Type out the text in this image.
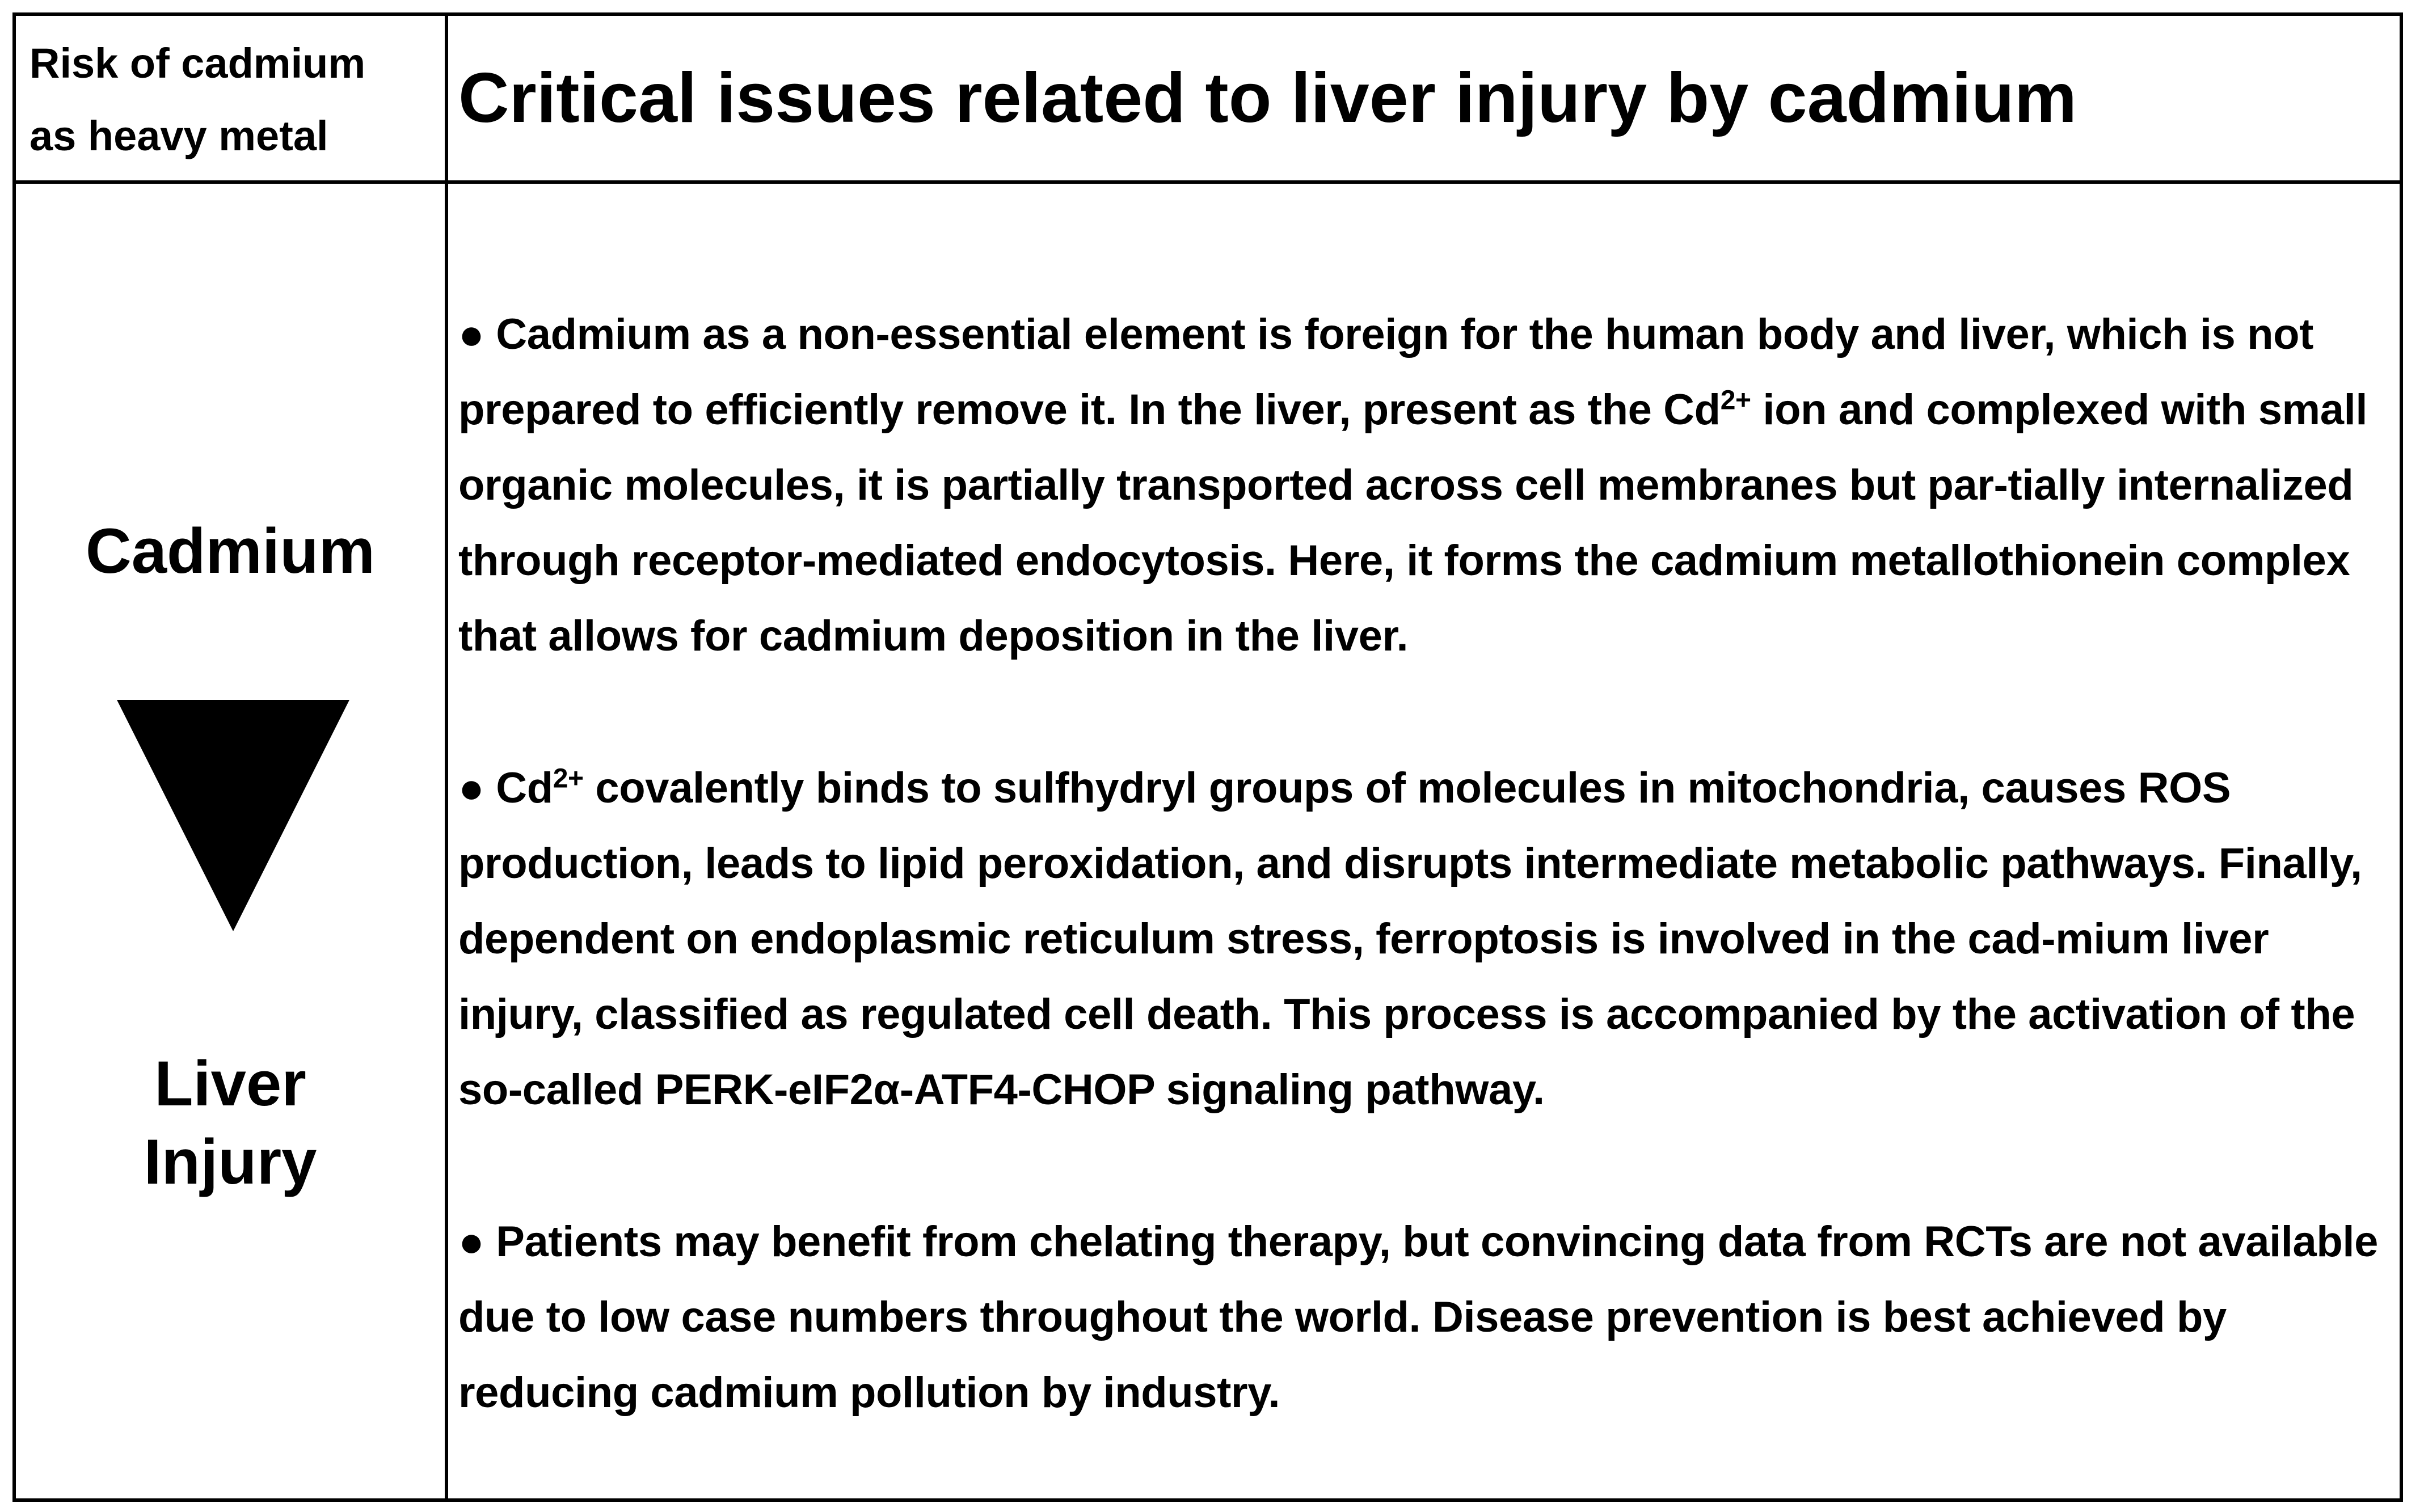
Risk of cadmium
as heavy metal	Critical issues related to liver injury by cadmium
Cadmium
Liver
Injury

● Cadmium as a non-essential element is foreign for the human body and liver, which is not prepared to efficiently remove it. In the liver, present as the $Cd^{2+}$ ion and complexed with small organic molecules, it is partially transported across cell membranes but par-tially internalized through receptor-mediated endocytosis. Here, it forms the cadmium metallothionein complex that allows for cadmium deposition in the liver.

● $Cd^{2+}$ covalently binds to sulfhydryl groups of molecules in mitochondria, causes ROS production, leads to lipid peroxidation, and disrupts intermediate metabolic pathways. Finally, dependent on endoplasmic reticulum stress, ferroptosis is involved in the cad-mium liver injury, classified as regulated cell death. This process is accompanied by the activation of the so-called PERK-eIF2α-ATF4-CHOP signaling pathway.

● Patients may benefit from chelating therapy, but convincing data from RCTs are not available due to low case numbers throughout the world. Disease prevention is best achieved by reducing cadmium pollution by industry.
